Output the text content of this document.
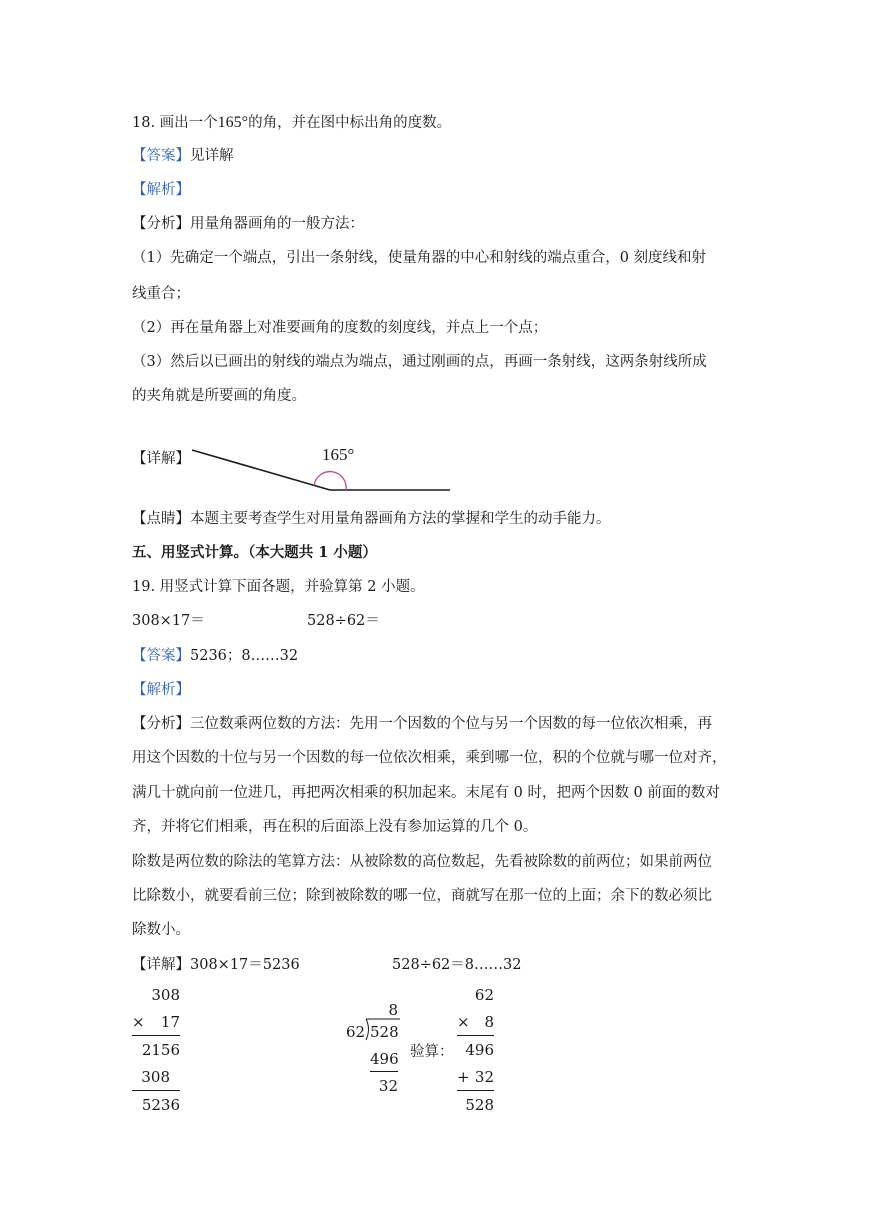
18. 画出一个165°的角，并在图中标出角的度数。
【答案】见详解
【解析】
【分析】用量角器画角的一般方法：
（1）先确定一个端点，引出一条射线，使量角器的中心和射线的端点重合，0 刻度线和射
线重合；
（2）再在量角器上对准要画角的度数的刻度线，并点上一个点；
（3）然后以已画出的射线的端点为端点，通过刚画的点，再画一条射线，这两条射线所成
的夹角就是所要画的角度。
【详解】	165°
【点睛】本题主要考查学生对用量角器画角方法的掌握和学生的动手能力。
五、用竖式计算。（本大题共 1 小题）
19. 用竖式计算下面各题，并验算第 2 小题。
308×17＝	528÷62＝
【答案】5236；8……32
【解析】
【分析】三位数乘两位数的方法：先用一个因数的个位与另一个因数的每一位依次相乘，再
用这个因数的十位与另一个因数的每一位依次相乘，乘到哪一位，积的个位就与哪一位对齐，
满几十就向前一位进几，再把两次相乘的积加起来。末尾有 0 时，把两个因数 0 前面的数对
齐，并将它们相乘，再在积的后面添上没有参加运算的几个 0。
除数是两位数的除法的笔算方法：从被除数的高位数起，先看被除数的前两位；如果前两位
比除数小，就要看前三位；除到被除数的哪一位，商就写在那一位的上面；余下的数必须比
除数小。
【详解】308×17＝5236	528÷62＝8……32
308
×	17
2156
308
5236
8
62 528
496
32
验算：
62
× 8
496
+ 32
528
